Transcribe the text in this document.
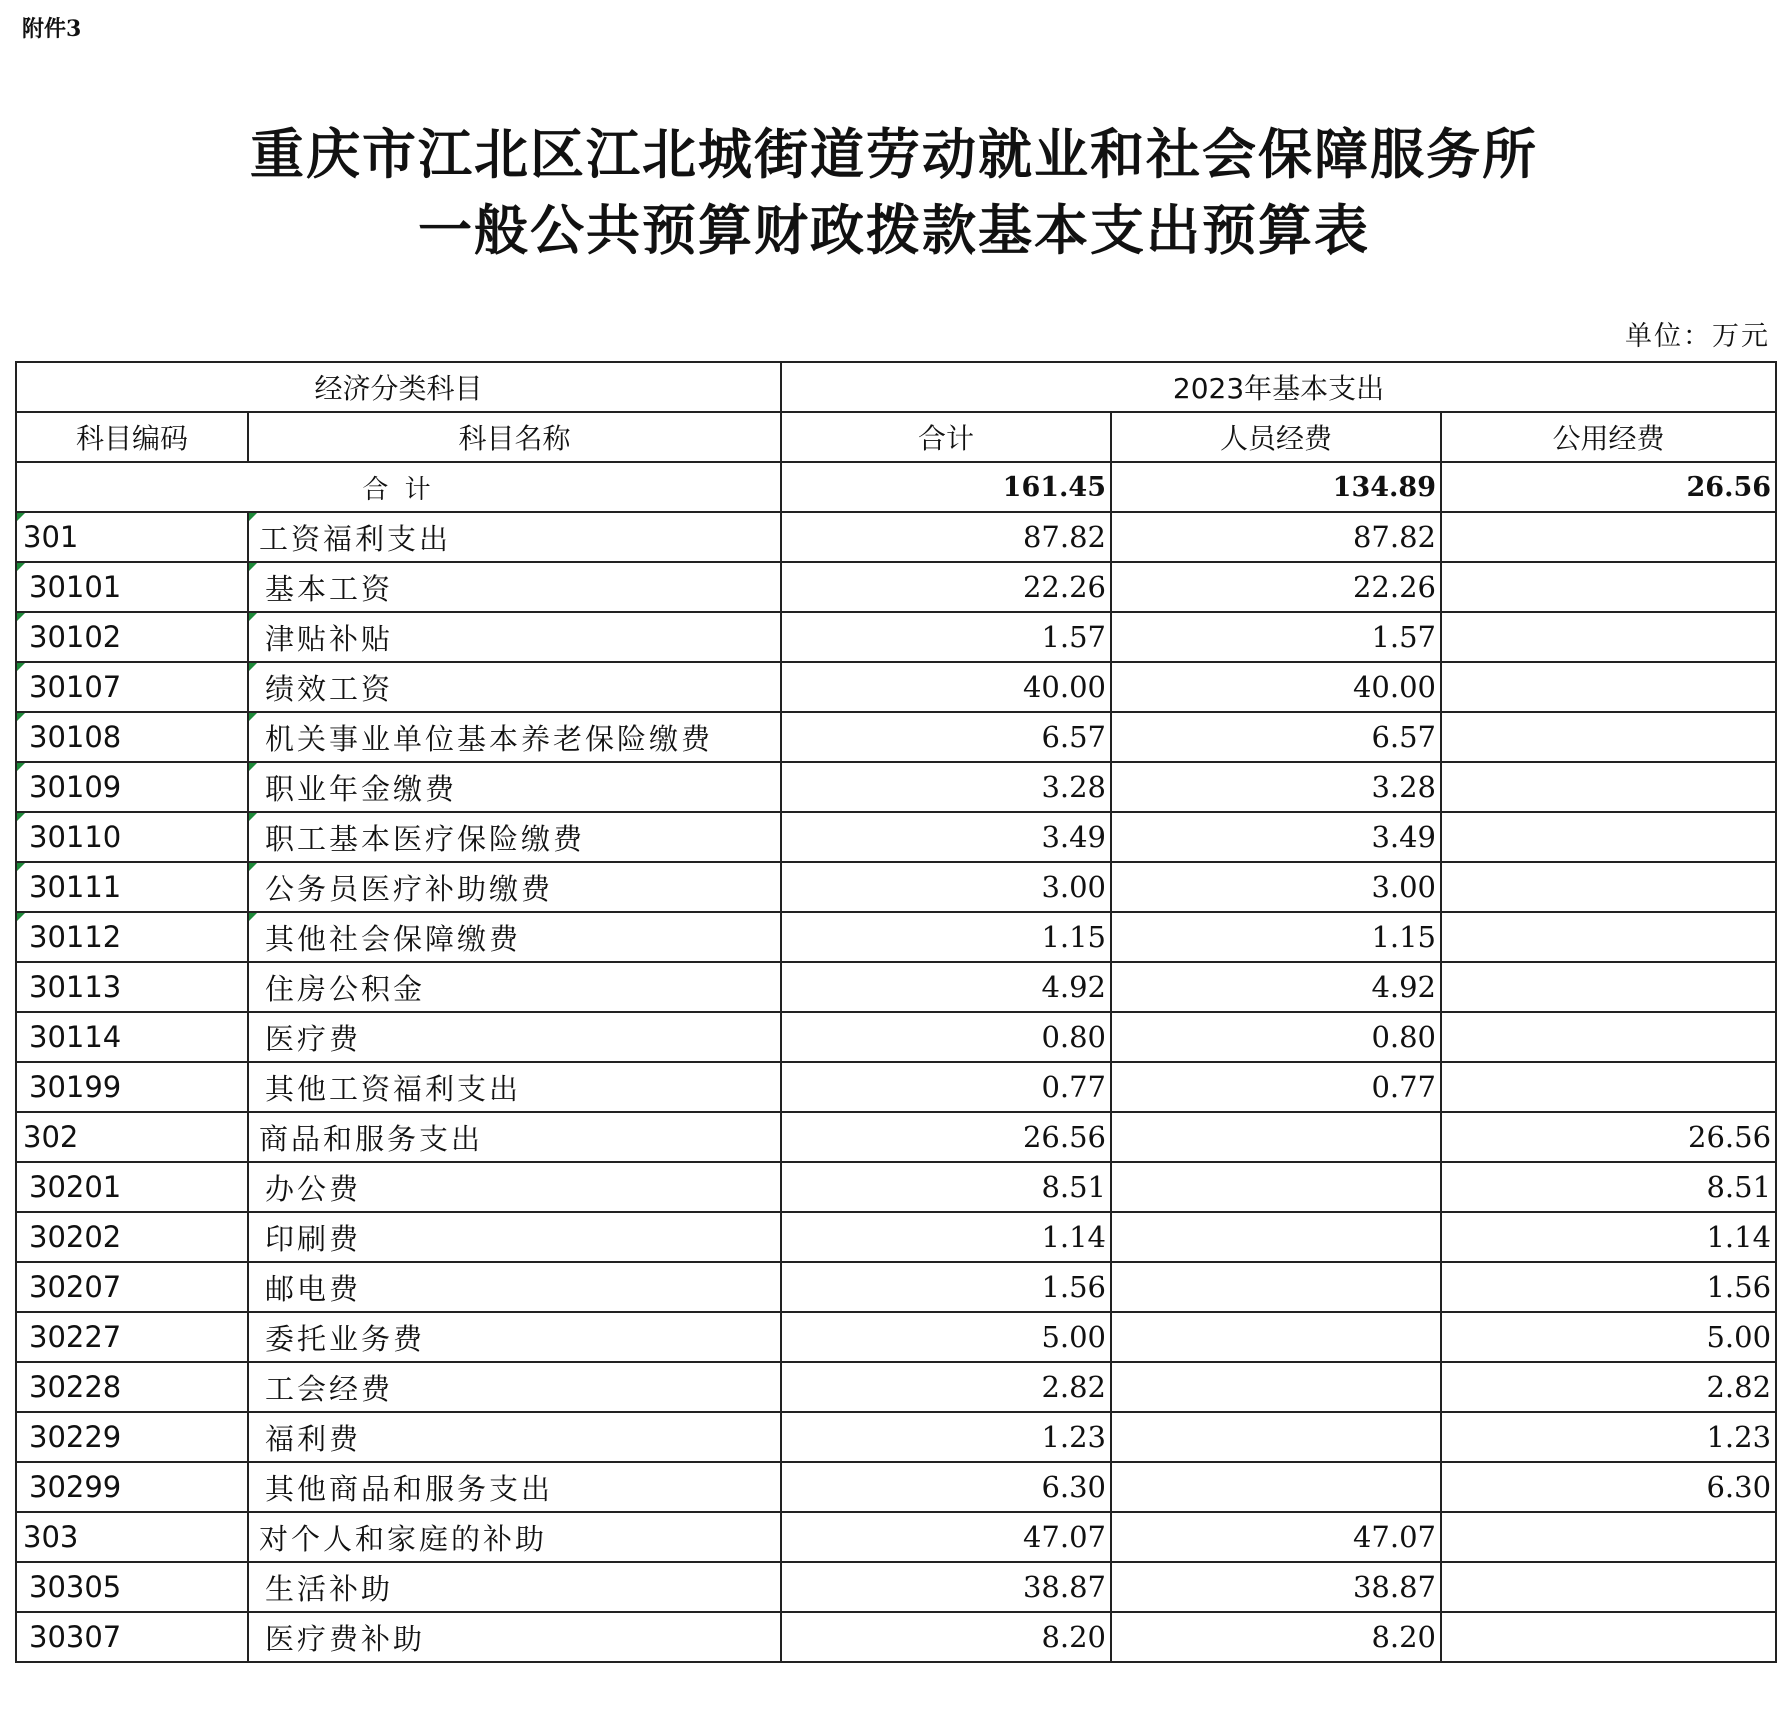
附件3
重庆市江北区江北城街道劳动就业和社会保障服务所
一般公共预算财政拨款基本支出预算表
单位：万元
经济分类科目		2023年基本支出		
科目编码	科目名称	合计	人员经费	公用经费
合 计		161.45	134.89	26.56
301	工资福利支出	87.82	87.82	
30101	基本工资	22.26	22.26	
30102	津贴补贴	1.57	1.57	
30107	绩效工资	40.00	40.00	
30108	机关事业单位基本养老保险缴费	6.57	6.57	
30109	职业年金缴费	3.28	3.28	
30110	职工基本医疗保险缴费	3.49	3.49	
30111	公务员医疗补助缴费	3.00	3.00	
30112	其他社会保障缴费	1.15	1.15	
30113	住房公积金	4.92	4.92	
30114	医疗费	0.80	0.80	
30199	其他工资福利支出	0.77	0.77	
302	商品和服务支出	26.56		26.56
30201	办公费	8.51		8.51
30202	印刷费	1.14		1.14
30207	邮电费	1.56		1.56
30227	委托业务费	5.00		5.00
30228	工会经费	2.82		2.82
30229	福利费	1.23		1.23
30299	其他商品和服务支出	6.30		6.30
303	对个人和家庭的补助	47.07	47.07	
30305	生活补助	38.87	38.87	
30307	医疗费补助	8.20	8.20	
